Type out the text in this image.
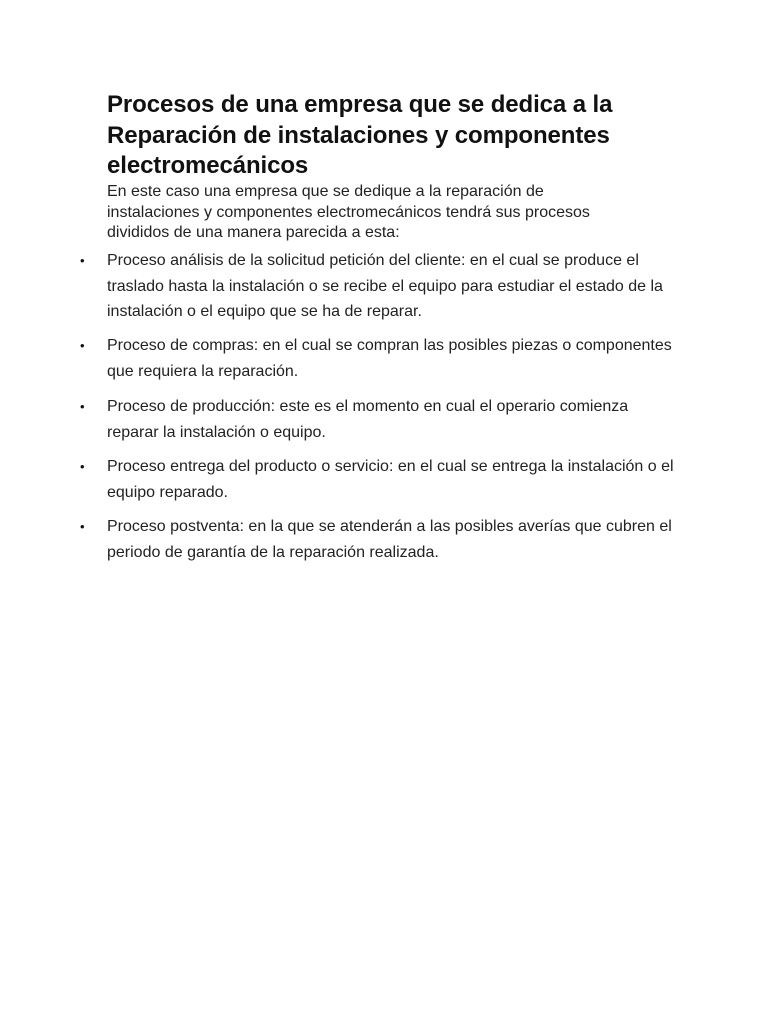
Procesos de una empresa que se dedica a la Reparación de instalaciones y componentes electromecánicos

En este caso una empresa que se dedique a la reparación de instalaciones y componentes electromecánicos tendrá sus procesos divididos de una manera parecida a esta:

•	Proceso análisis de la solicitud petición del cliente: en el cual se produce el traslado hasta la instalación o se recibe el equipo para estudiar el estado de la instalación o el equipo que se ha de reparar.
•	Proceso de compras: en el cual se compran las posibles piezas o componentes que requiera la reparación.
•	Proceso de producción: este es el momento en cual el operario comienza reparar la instalación o equipo.
•	Proceso entrega del producto o servicio: en el cual se entrega la instalación o el equipo reparado.
•	Proceso postventa: en la que se atenderán a las posibles averías que cubren el periodo de garantía de la reparación realizada.
